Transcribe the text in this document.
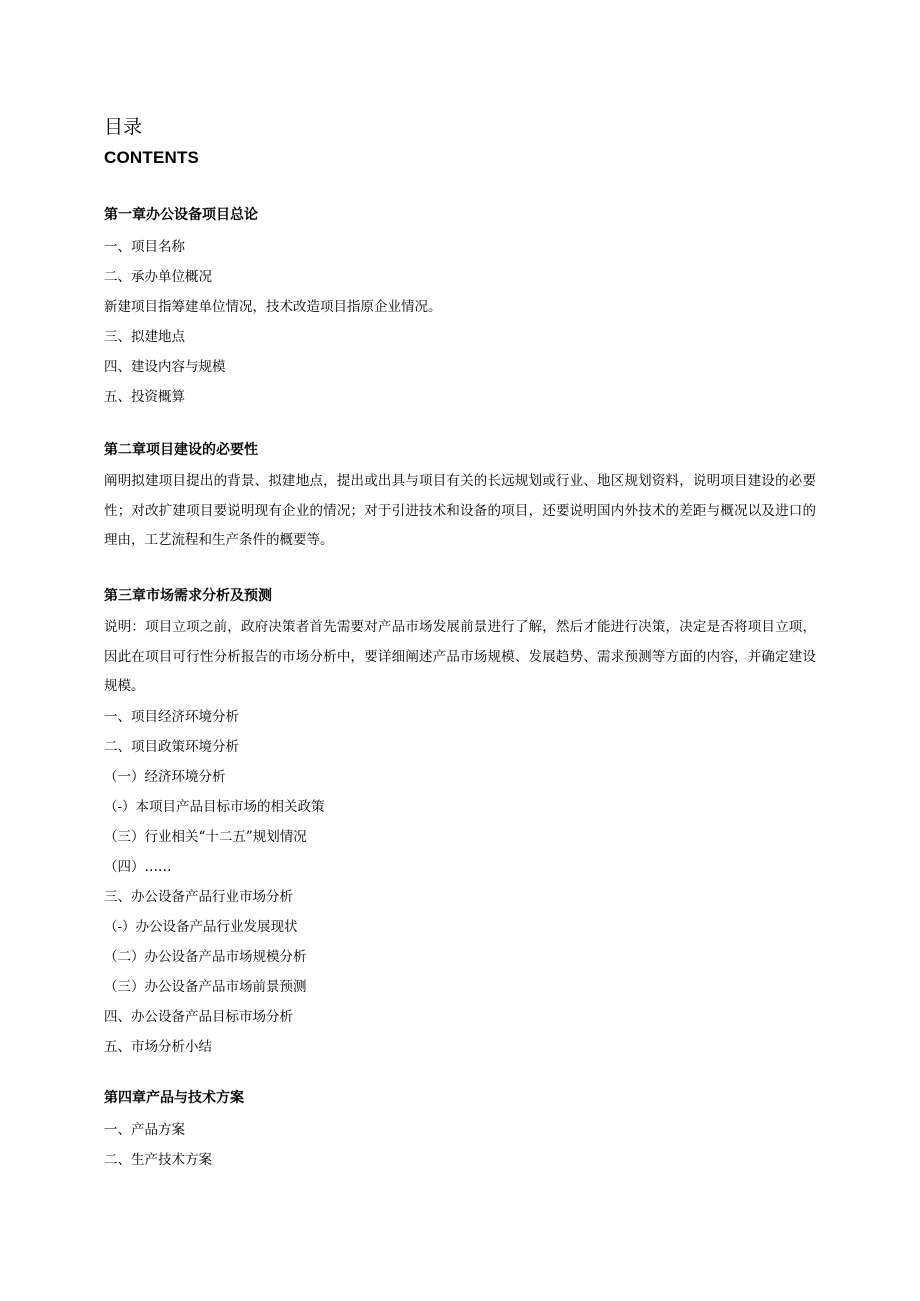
目录
CONTENTS
第一章办公设备项目总论
一、项目名称
二、承办单位概况
新建项目指筹建单位情况，技术改造项目指原企业情况。
三、拟建地点
四、建设内容与规模
五、投资概算
第二章项目建设的必要性
阐明拟建项目提出的背景、拟建地点，提出或出具与项目有关的长远规划或行业、地区规划资料，说明项目建设的必要性；对改扩建项目要说明现有企业的情况；对于引进技术和设备的项目，还要说明国内外技术的差距与概况以及进口的理由，工艺流程和生产条件的概要等。
第三章市场需求分析及预测
说明：项目立项之前，政府决策者首先需要对产品市场发展前景进行了解，然后才能进行决策，决定是否将项目立项，因此在项目可行性分析报告的市场分析中，要详细阐述产品市场规模、发展趋势、需求预测等方面的内容，并确定建设规模。
一、项目经济环境分析
二、项目政策环境分析
（一）经济环境分析
（-）本项目产品目标市场的相关政策
（三）行业相关“十二五”规划情况
（四）……
三、办公设备产品行业市场分析
（-）办公设备产品行业发展现状
（二）办公设备产品市场规模分析
（三）办公设备产品市场前景预测
四、办公设备产品目标市场分析
五、市场分析小结
第四章产品与技术方案
一、产品方案
二、生产技术方案
